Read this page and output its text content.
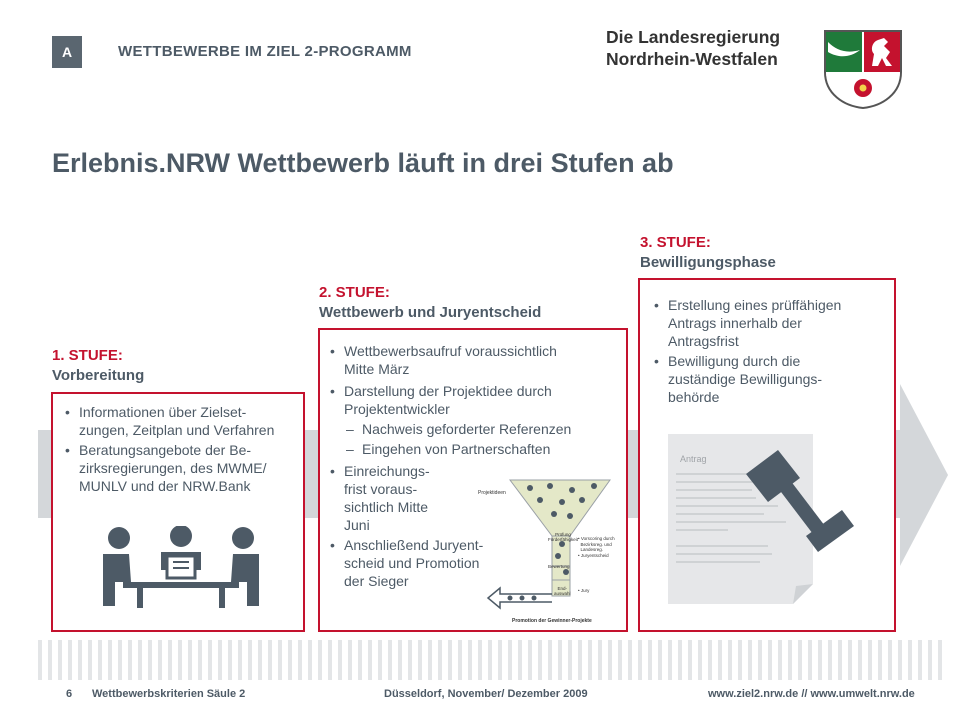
A	WETTBEWERBE IM ZIEL 2-PROGRAMM
Die Landesregierung
Nordrhein-Westfalen
Erlebnis.NRW Wettbewerb läuft in drei Stufen ab
1. STUFE:
Vorbereitung
• Informationen über Zielset-
zungen, Zeitplan und Verfahren
• Beratungsangebote der Be-
zirksregierungen, des MWME/
MUNLV und der NRW.Bank
2. STUFE:
Wettbewerb und Juryentscheid
• Wettbewerbsaufruf voraussichtlich
Mitte März
• Darstellung der Projektidee durch
Projektentwickler
– Nachweis geforderter Referenzen
– Eingehen von Partnerschaften
• Einreichungs-
frist voraus-
sichtlich Mitte
Juni
• Anschließend Juryent-
scheid und Promotion
der Sieger
Projektideen
Prüfung
Förderfähigkeit
Bewertung
End-
auswahl
• Vorscoring durch
Bezirksreg. und
Landesreg.
• Juryentscheid
• Jury
Promotion der Gewinner-Projekte
3. STUFE:
Bewilligungsphase
• Erstellung eines prüffähigen
Antrags innerhalb der
Antragsfrist
• Bewilligung durch die
zuständige Bewilligungs-
behörde
Antrag
6 Wettbewerbskriterien Säule 2	Düsseldorf, November/ Dezember 2009	www.ziel2.nrw.de // www.umwelt.nrw.de
